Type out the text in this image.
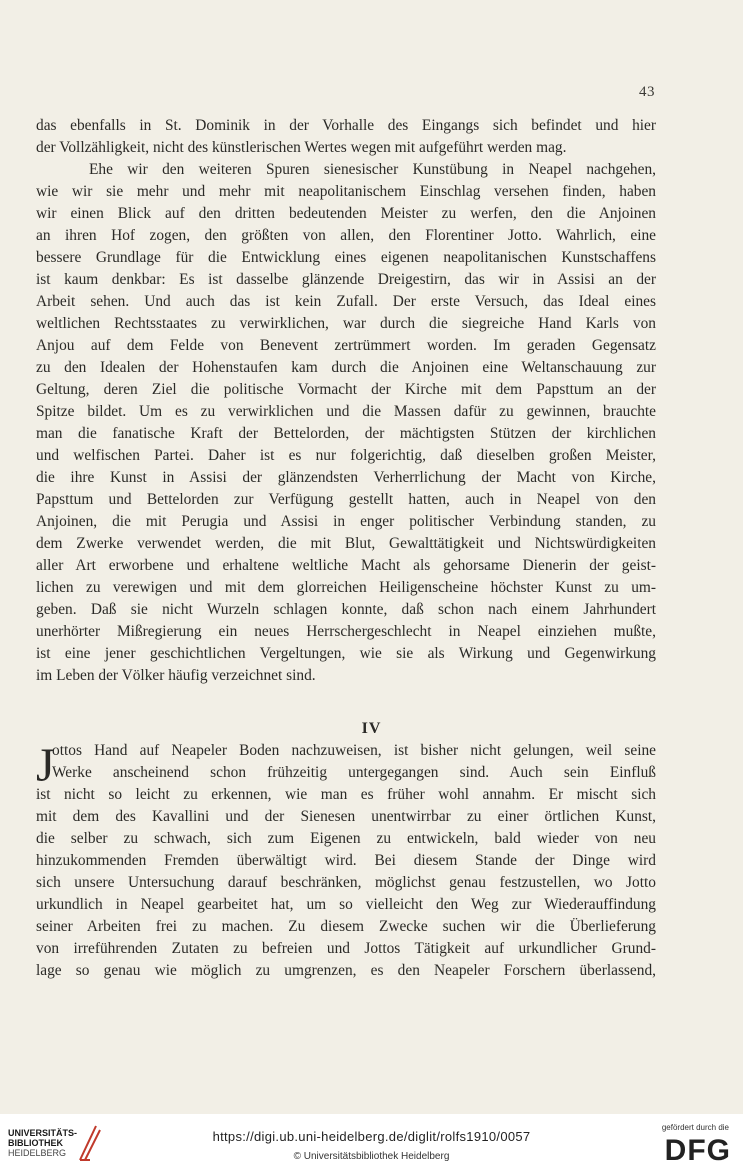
43
das ebenfalls in St. Dominik in der Vorhalle des Eingangs sich befindet und hier
der Vollzähligkeit, nicht des künstlerischen Wertes wegen mit aufgeführt werden mag.
Ehe wir den weiteren Spuren sienesischer Kunstübung in Neapel nachgehen,
wie wir sie mehr und mehr mit neapolitanischem Einschlag versehen finden, haben
wir einen Blick auf den dritten bedeutenden Meister zu werfen, den die Anjoinen
an ihren Hof zogen, den größten von allen, den Florentiner Jotto. Wahrlich, eine
bessere Grundlage für die Entwicklung eines eigenen neapolitanischen Kunstschaffens
ist kaum denkbar: Es ist dasselbe glänzende Dreigestirn, das wir in Assisi an der
Arbeit sehen. Und auch das ist kein Zufall. Der erste Versuch, das Ideal eines
weltlichen Rechtsstaates zu verwirklichen, war durch die siegreiche Hand Karls von
Anjou auf dem Felde von Benevent zertrümmert worden. Im geraden Gegensatz
zu den Idealen der Hohenstaufen kam durch die Anjoinen eine Weltanschauung zur
Geltung, deren Ziel die politische Vormacht der Kirche mit dem Papsttum an der
Spitze bildet. Um es zu verwirklichen und die Massen dafür zu gewinnen, brauchte
man die fanatische Kraft der Bettelorden, der mächtigsten Stützen der kirchlichen
und welfischen Partei. Daher ist es nur folgerichtig, daß dieselben großen Meister,
die ihre Kunst in Assisi der glänzendsten Verherrlichung der Macht von Kirche,
Papsttum und Bettelorden zur Verfügung gestellt hatten, auch in Neapel von den
Anjoinen, die mit Perugia und Assisi in enger politischer Verbindung standen, zu
dem Zwerke verwendet werden, die mit Blut, Gewalttätigkeit und Nichtswürdigkeiten
aller Art erworbene und erhaltene weltliche Macht als gehorsame Dienerin der geist-
lichen zu verewigen und mit dem glorreichen Heiligenscheine höchster Kunst zu um-
geben. Daß sie nicht Wurzeln schlagen konnte, daß schon nach einem Jahrhundert
unerhörter Mißregierung ein neues Herrschergeschlecht in Neapel einziehen mußte,
ist eine jener geschichtlichen Vergeltungen, wie sie als Wirkung und Gegenwirkung
im Leben der Völker häufig verzeichnet sind.
IV
J
ottos Hand auf Neapeler Boden nachzuweisen, ist bisher nicht gelungen, weil seine
Werke anscheinend schon frühzeitig untergegangen sind. Auch sein Einfluß
ist nicht so leicht zu erkennen, wie man es früher wohl annahm. Er mischt sich
mit dem des Kavallini und der Sienesen unentwirrbar zu einer örtlichen Kunst,
die selber zu schwach, sich zum Eigenen zu entwickeln, bald wieder von neu
hinzukommenden Fremden überwältigt wird. Bei diesem Stande der Dinge wird
sich unsere Untersuchung darauf beschränken, möglichst genau festzustellen, wo Jotto
urkundlich in Neapel gearbeitet hat, um so vielleicht den Weg zur Wiederauffindung
seiner Arbeiten frei zu machen. Zu diesem Zwecke suchen wir die Überlieferung
von irreführenden Zutaten zu befreien und Jottos Tätigkeit auf urkundlicher Grund-
lage so genau wie möglich zu umgrenzen, es den Neapeler Forschern überlassend,
UNIVERSITÄTS-
BIBLIOTHEK
HEIDELBERG
https://digi.ub.uni-heidelberg.de/diglit/rolfs1910/0057
© Universitätsbibliothek Heidelberg
gefördert durch die
DFG
